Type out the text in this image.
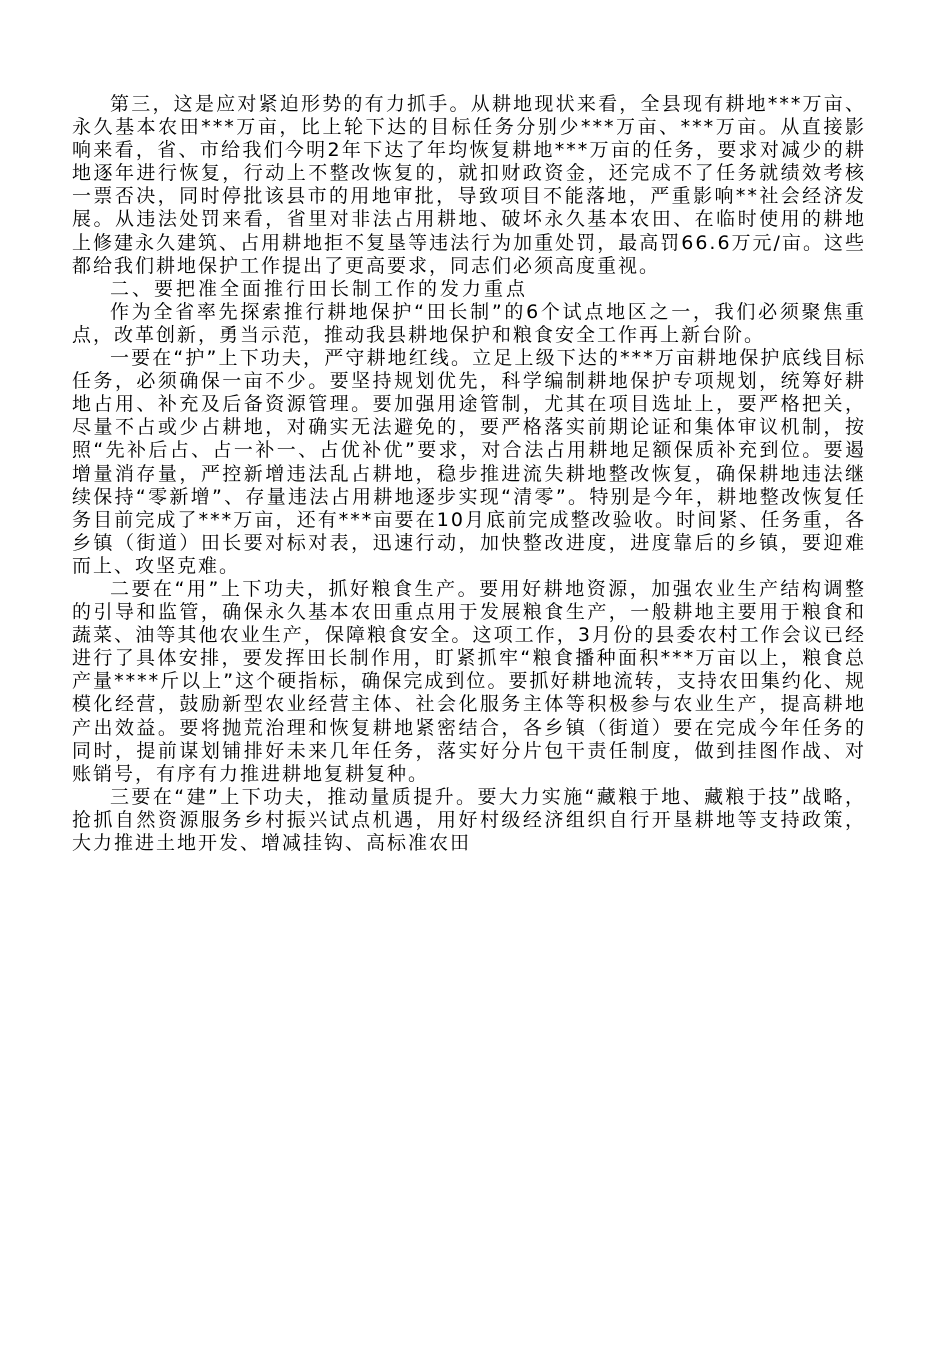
第三，这是应对紧迫形势的有力抓手。从耕地现状来看，全县现有耕地***万亩、永久基本农田***万亩，比上轮下达的目标任务分别少***万亩、***万亩。从直接影响来看，省、市给我们今明2年下达了年均恢复耕地***万亩的任务，要求对减少的耕地逐年进行恢复，行动上不整改恢复的，就扣财政资金，还完成不了任务就绩效考核一票否决，同时停批该县市的用地审批，导致项目不能落地，严重影响**社会经济发展。从违法处罚来看，省里对非法占用耕地、破坏永久基本农田、在临时使用的耕地上修建永久建筑、占用耕地拒不复垦等违法行为加重处罚，最高罚66.6万元/亩。这些都给我们耕地保护工作提出了更高要求，同志们必须高度重视。

二、要把准全面推行田长制工作的发力重点

作为全省率先探索推行耕地保护“田长制”的6个试点地区之一，我们必须聚焦重点，改革创新，勇当示范，推动我县耕地保护和粮食安全工作再上新台阶。

一要在“护”上下功夫，严守耕地红线。立足上级下达的***万亩耕地保护底线目标任务，必须确保一亩不少。要坚持规划优先，科学编制耕地保护专项规划，统筹好耕地占用、补充及后备资源管理。要加强用途管制，尤其在项目选址上，要严格把关，尽量不占或少占耕地，对确实无法避免的，要严格落实前期论证和集体审议机制，按照“先补后占、占一补一、占优补优”要求，对合法占用耕地足额保质补充到位。要遏增量消存量，严控新增违法乱占耕地，稳步推进流失耕地整改恢复，确保耕地违法继续保持“零新增”、存量违法占用耕地逐步实现“清零”。特别是今年，耕地整改恢复任务目前完成了***万亩，还有***亩要在10月底前完成整改验收。时间紧、任务重，各乡镇（街道）田长要对标对表，迅速行动，加快整改进度，进度靠后的乡镇，要迎难而上、攻坚克难。

二要在“用”上下功夫，抓好粮食生产。要用好耕地资源，加强农业生产结构调整的引导和监管，确保永久基本农田重点用于发展粮食生产，一般耕地主要用于粮食和蔬菜、油等其他农业生产，保障粮食安全。这项工作，3月份的县委农村工作会议已经进行了具体安排，要发挥田长制作用，盯紧抓牢“粮食播种面积***万亩以上，粮食总产量****斤以上”这个硬指标，确保完成到位。要抓好耕地流转，支持农田集约化、规模化经营，鼓励新型农业经营主体、社会化服务主体等积极参与农业生产，提高耕地产出效益。要将抛荒治理和恢复耕地紧密结合，各乡镇（街道）要在完成今年任务的同时，提前谋划铺排好未来几年任务，落实好分片包干责任制度，做到挂图作战、对账销号，有序有力推进耕地复耕复种。

三要在“建”上下功夫，推动量质提升。要大力实施“藏粮于地、藏粮于技”战略，抢抓自然资源服务乡村振兴试点机遇，用好村级经济组织自行开垦耕地等支持政策，大力推进土地开发、增减挂钩、高标准农田
